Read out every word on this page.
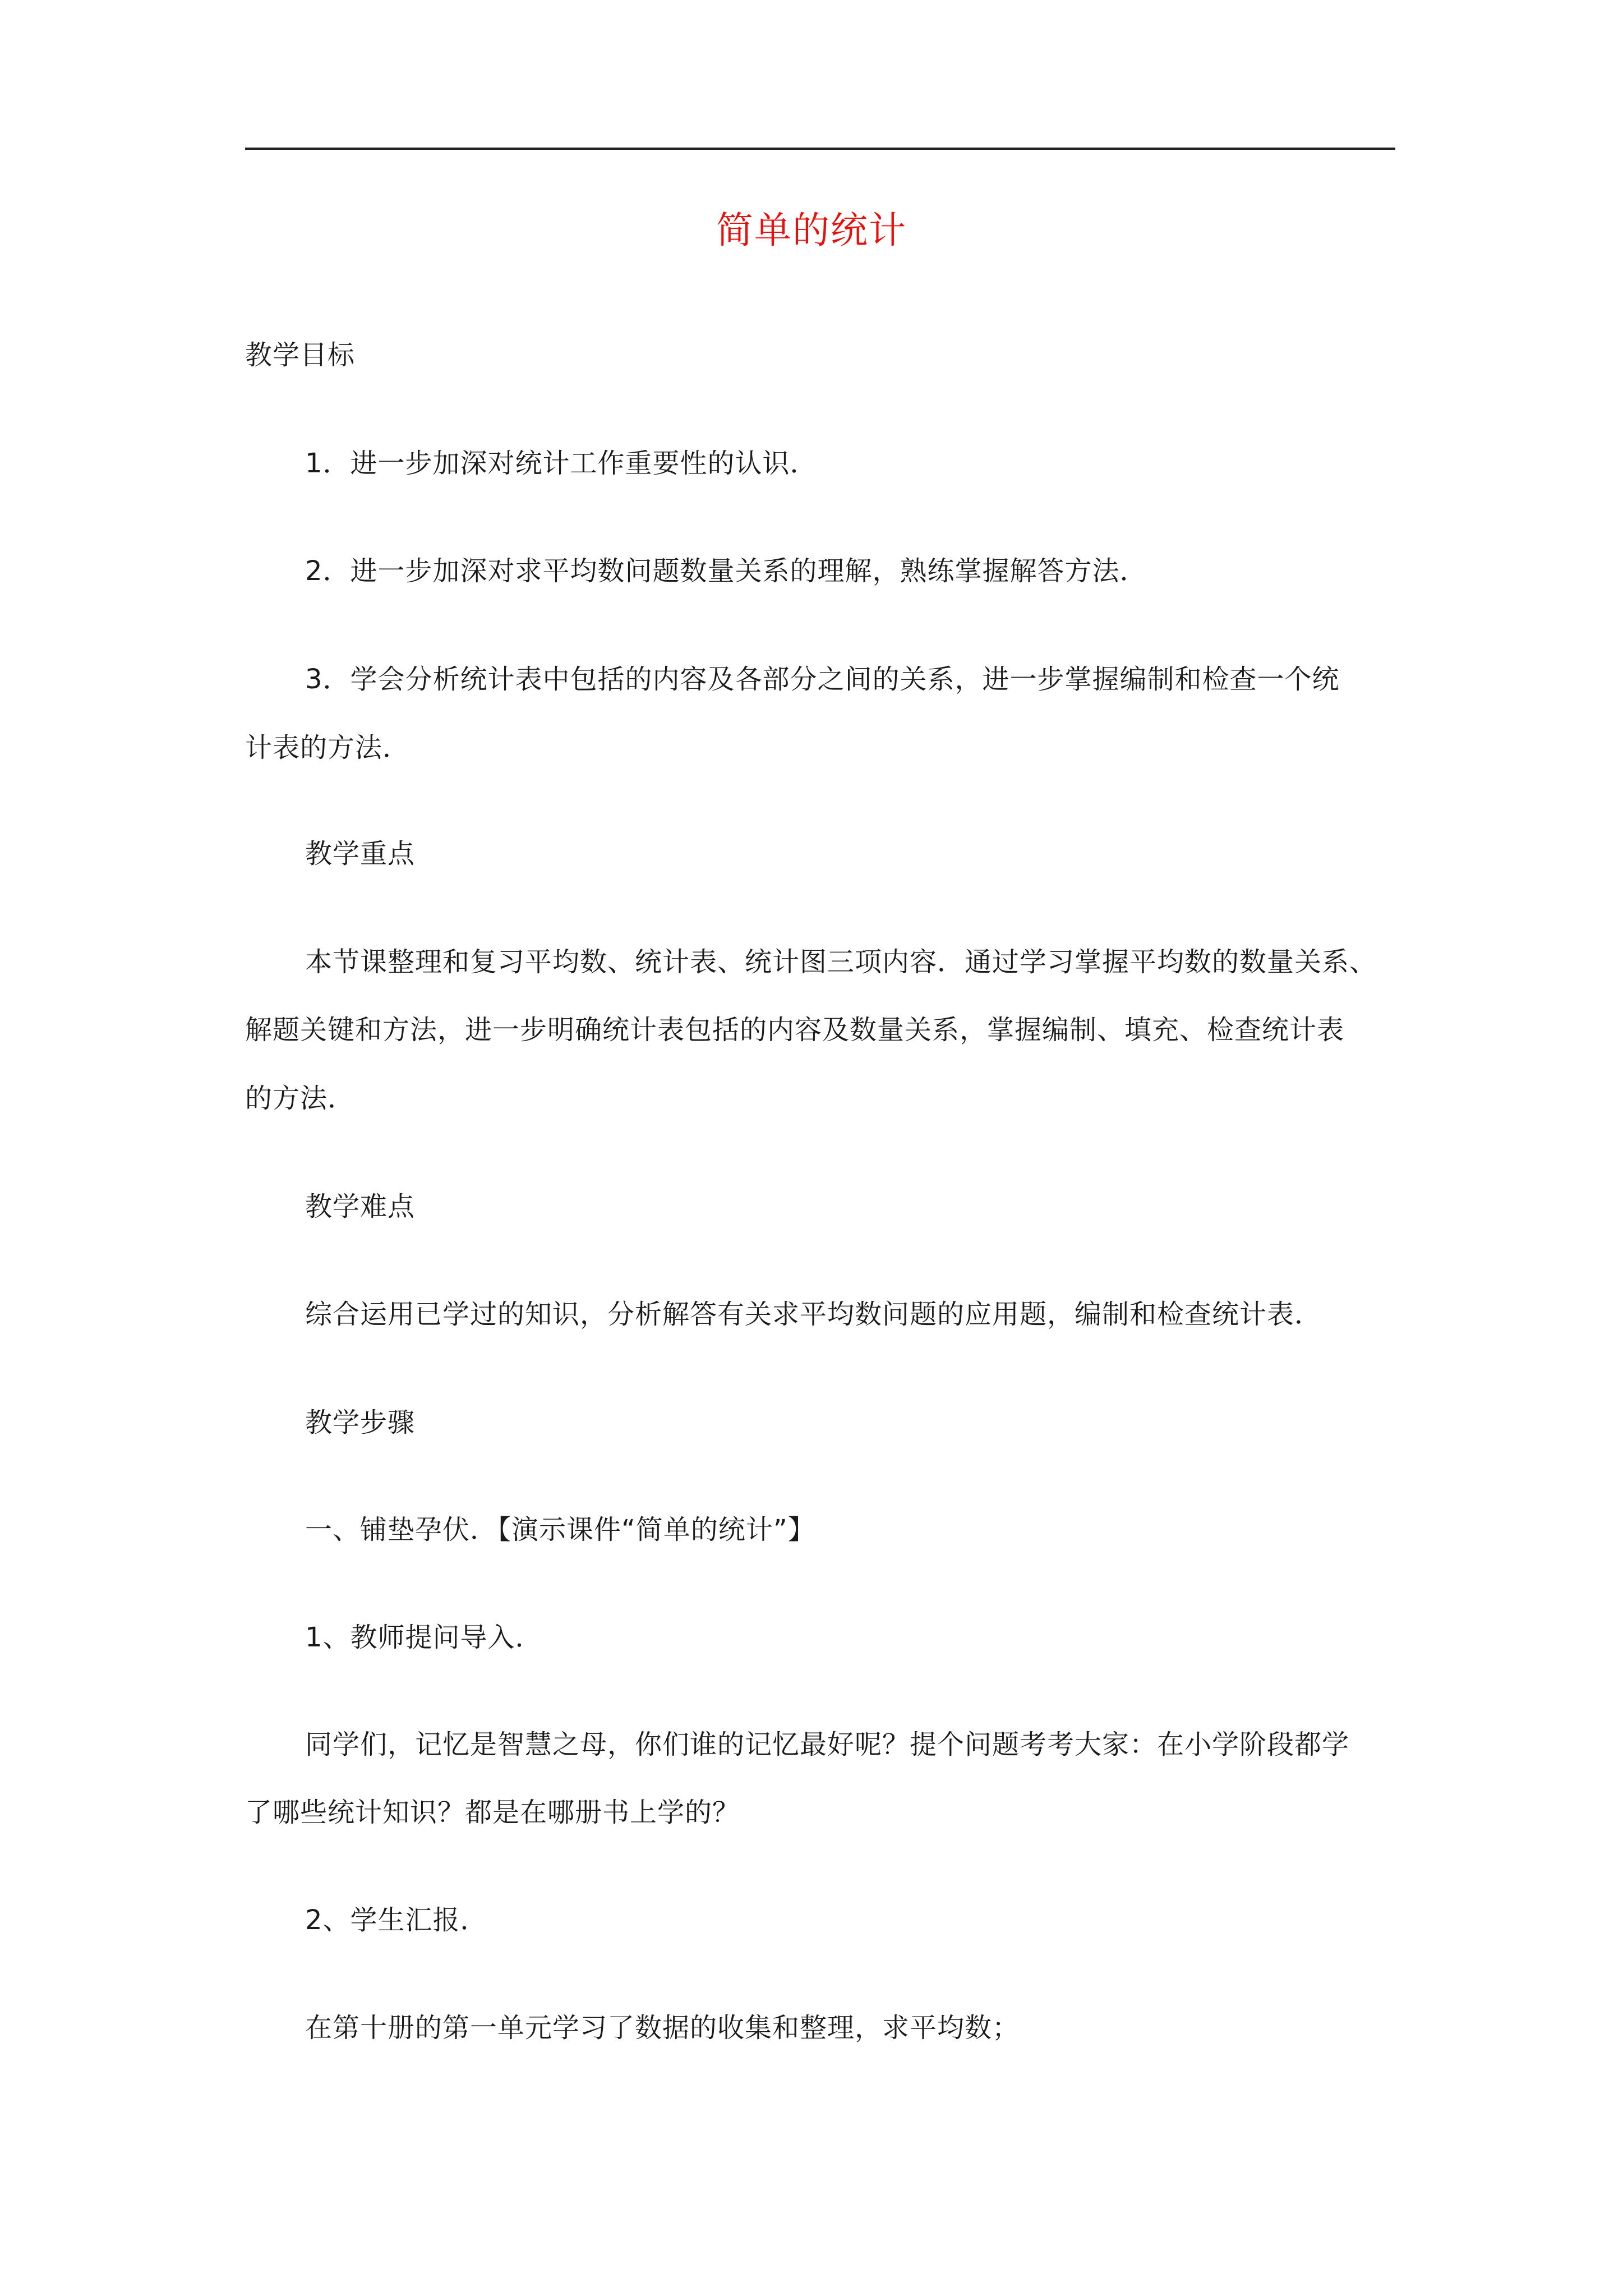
简单的统计
教学目标
1．进一步加深对统计工作重要性的认识．
2．进一步加深对求平均数问题数量关系的理解，熟练掌握解答方法．
3．学会分析统计表中包括的内容及各部分之间的关系，进一步掌握编制和检查一个统
计表的方法．
教学重点
本节课整理和复习平均数、统计表、统计图三项内容．通过学习掌握平均数的数量关系、
解题关键和方法，进一步明确统计表包括的内容及数量关系，掌握编制、填充、检查统计表
的方法．
教学难点
综合运用已学过的知识，分析解答有关求平均数问题的应用题，编制和检查统计表．
教学步骤
一、铺垫孕伏．【演示课件“简单的统计”】
1、教师提问导入．
同学们，记忆是智慧之母，你们谁的记忆最好呢？提个问题考考大家：在小学阶段都学
了哪些统计知识？都是在哪册书上学的？
2、学生汇报．
在第十册的第一单元学习了数据的收集和整理，求平均数；
